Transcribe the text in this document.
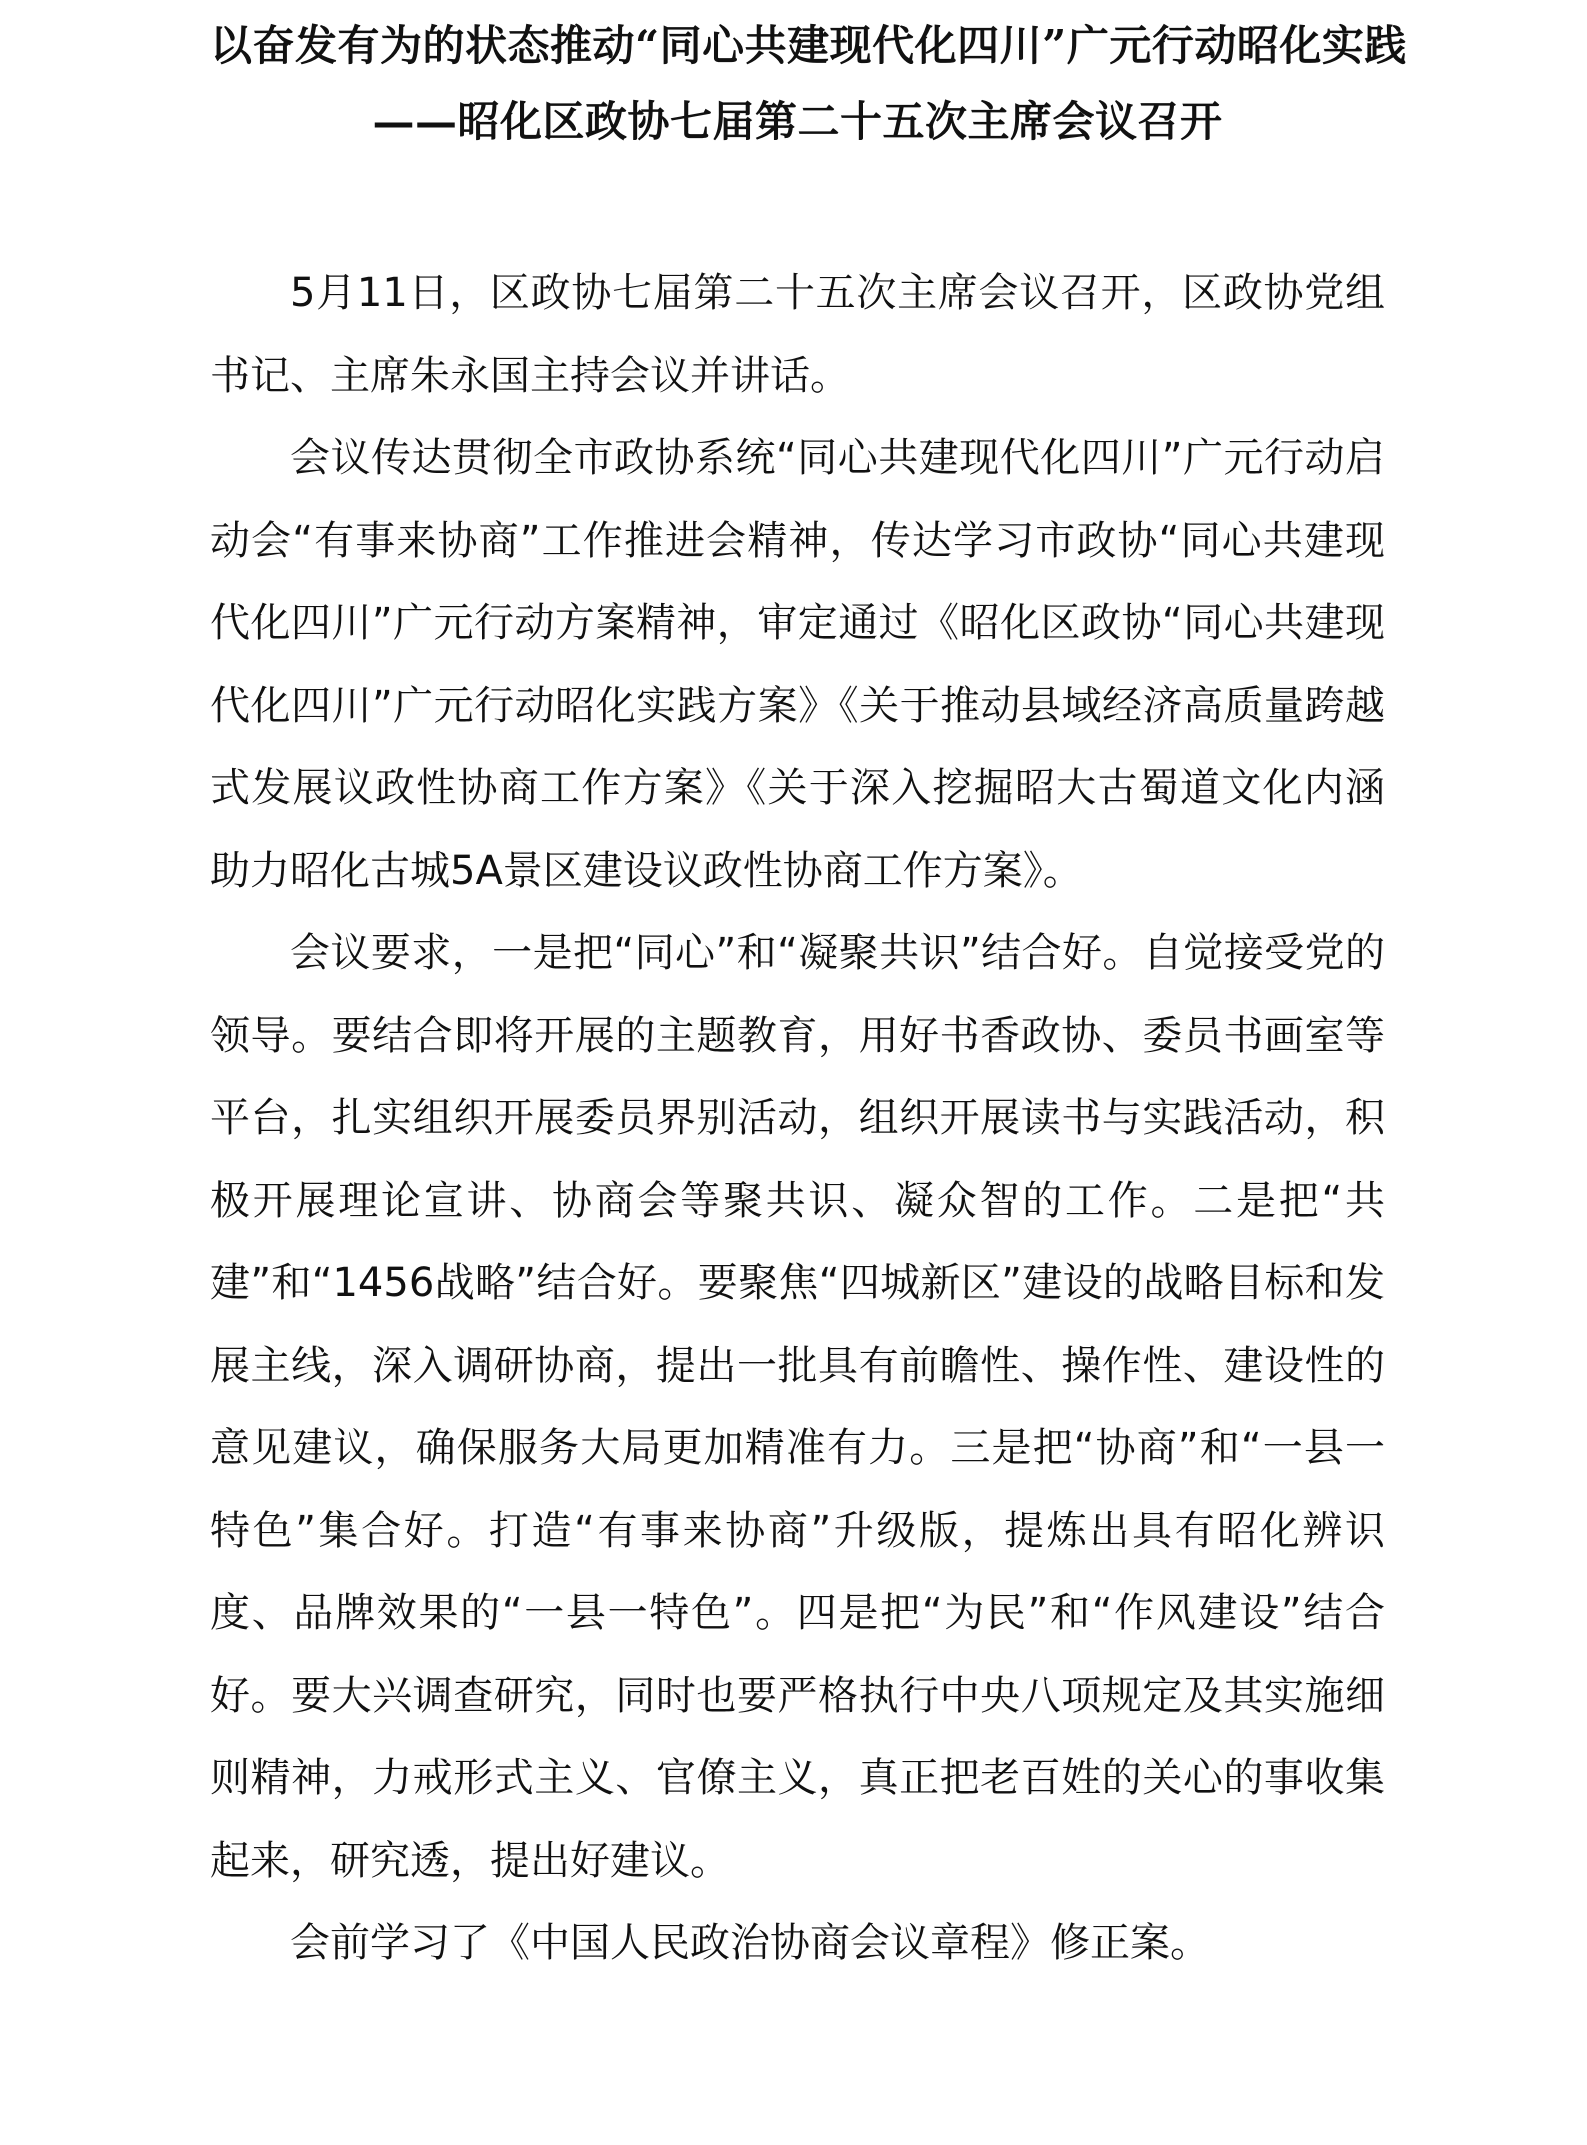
以奋发有为的状态推动“同心共建现代化四川”广元行动昭化实践

——昭化区政协七届第二十五次主席会议召开

5月11日，区政协七届第二十五次主席会议召开，区政协党组书记、主席朱永国主持会议并讲话。

会议传达贯彻全市政协系统“同心共建现代化四川”广元行动启动会“有事来协商”工作推进会精神，传达学习市政协“同心共建现代化四川”广元行动方案精神，审定通过《昭化区政协“同心共建现代化四川”广元行动昭化实践方案》《关于推动县域经济高质量跨越式发展议政性协商工作方案》《关于深入挖掘昭大古蜀道文化内涵助力昭化古城5A景区建设议政性协商工作方案》。

会议要求，一是把“同心”和“凝聚共识”结合好。自觉接受党的领导。要结合即将开展的主题教育，用好书香政协、委员书画室等平台，扎实组织开展委员界别活动，组织开展读书与实践活动，积极开展理论宣讲、协商会等聚共识、凝众智的工作。二是把“共建”和“1456战略”结合好。要聚焦“四城新区”建设的战略目标和发展主线，深入调研协商，提出一批具有前瞻性、操作性、建设性的意见建议，确保服务大局更加精准有力。三是把“协商”和“一县一特色”集合好。打造“有事来协商”升级版，提炼出具有昭化辨识度、品牌效果的“一县一特色”。四是把“为民”和“作风建设”结合好。要大兴调查研究，同时也要严格执行中央八项规定及其实施细则精神，力戒形式主义、官僚主义，真正把老百姓的关心的事收集起来，研究透，提出好建议。

会前学习了《中国人民政治协商会议章程》修正案。
